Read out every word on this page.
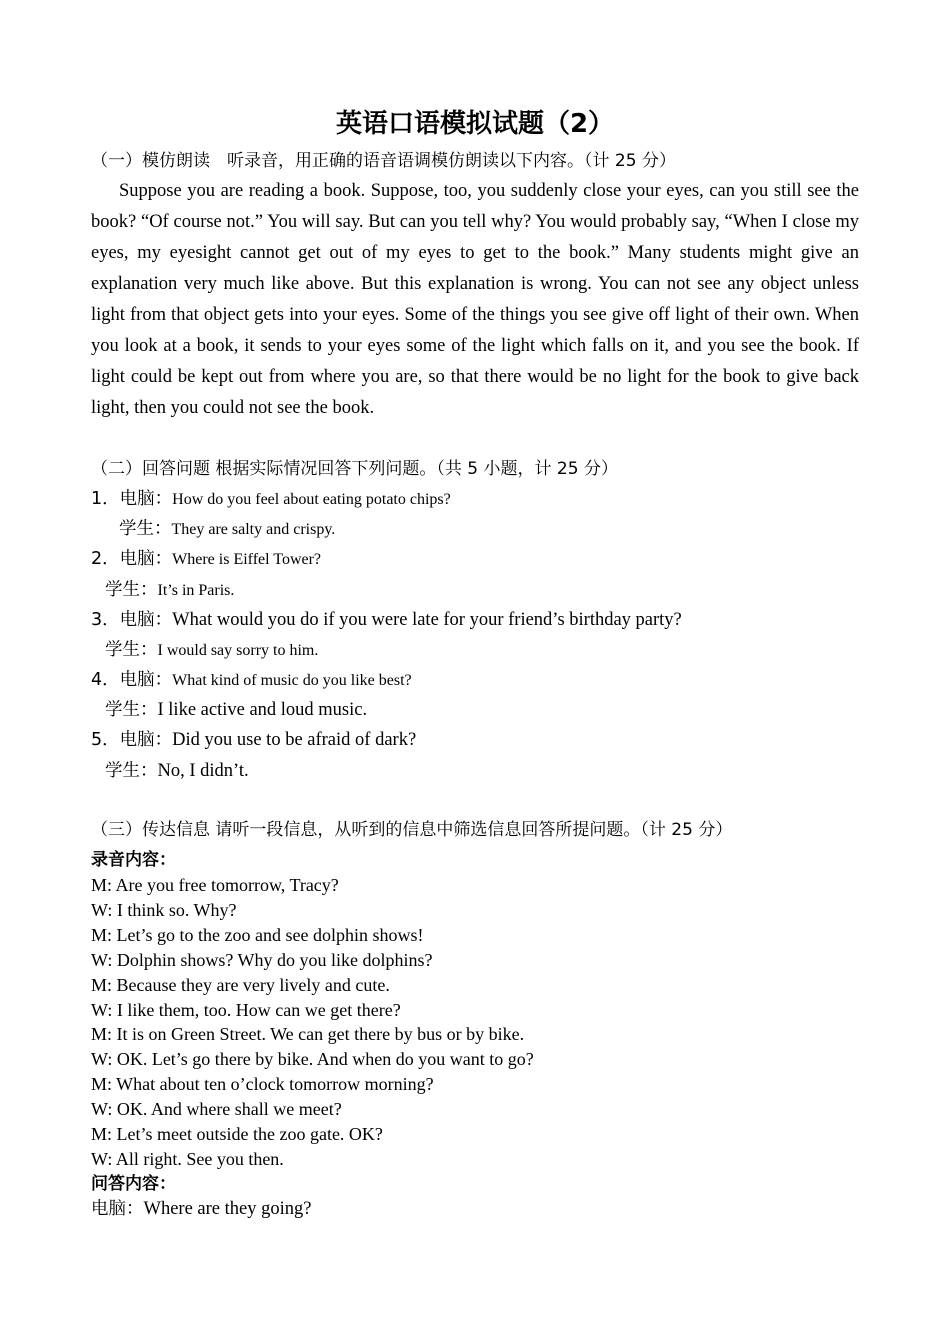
英语口语模拟试题（2）
（一）模仿朗读　听录音，用正确的语音语调模仿朗读以下内容。（计 25 分）

Suppose you are reading a book. Suppose, too, you suddenly close your eyes, can you still see the book? “Of course not.” You will say. But can you tell why? You would probably say, “When I close my eyes, my eyesight cannot get out of my eyes to get to the book.” Many students might give an explanation very much like above. But this explanation is wrong. You can not see any object unless light from that object gets into your eyes. Some of the things you see give off light of their own. When you look at a book, it sends to your eyes some of the light which falls on it, and you see the book. If light could be kept out from where you are, so that there would be no light for the book to give back light, then you could not see the book.

（二）回答问题 根据实际情况回答下列问题。（共 5 小题，计 25 分）
1．电脑：How do you feel about eating potato chips?
学生：They are salty and crispy.
2．电脑：Where is Eiffel Tower?
学生：It’s in Paris.
3．电脑：What would you do if you were late for your friend’s birthday party?
学生：I would say sorry to him.
4．电脑：What kind of music do you like best?
学生：I like active and loud music.
5．电脑：Did you use to be afraid of dark?
学生：No, I didn’t.
（三）传达信息 请听一段信息，从听到的信息中筛选信息回答所提问题。（计 25 分）
录音内容：
M: Are you free tomorrow, Tracy?
W: I think so. Why?
M: Let’s go to the zoo and see dolphin shows!
W: Dolphin shows? Why do you like dolphins?
M: Because they are very lively and cute.
W: I like them, too. How can we get there?
M: It is on Green Street. We can get there by bus or by bike.
W: OK. Let’s go there by bike. And when do you want to go?
M: What about ten o’clock tomorrow morning?
W: OK. And where shall we meet?
M: Let’s meet outside the zoo gate. OK?
W: All right. See you then.
问答内容：
电脑：Where are they going?
